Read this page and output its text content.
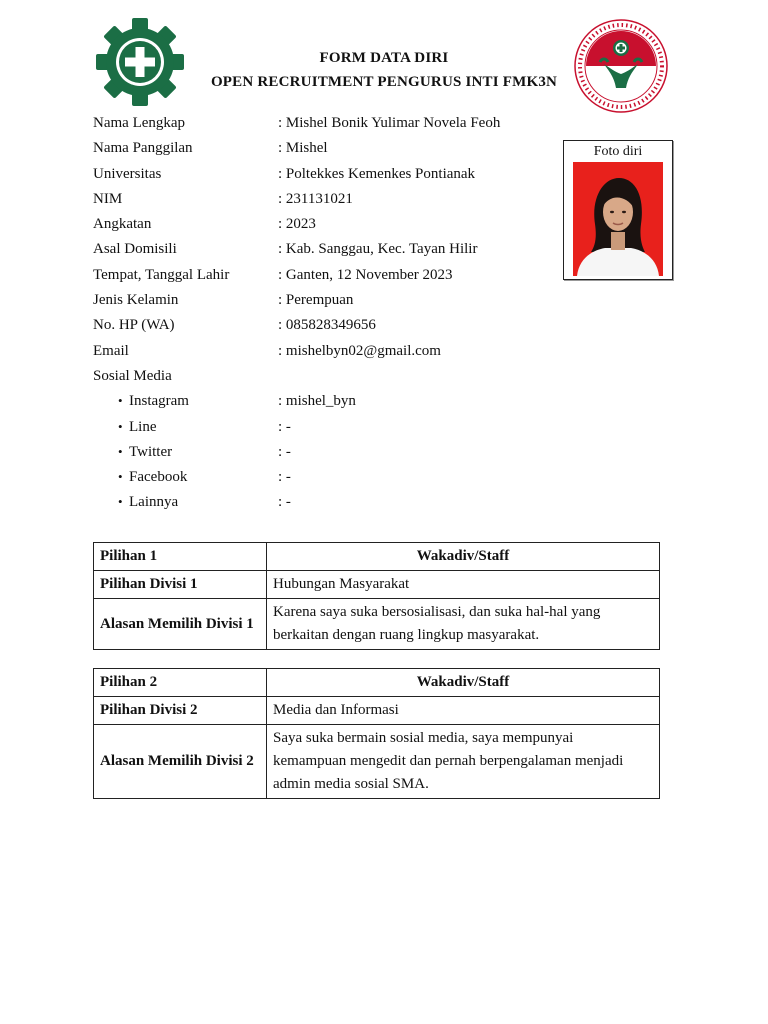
FORM DATA DIRI
OPEN RECRUITMENT PENGURUS INTI FMK3N
Nama Lengkap	: Mishel Bonik Yulimar Novela Feoh
Nama Panggilan	: Mishel
Universitas	: Poltekkes Kemenkes Pontianak
NIM	: 231131021
Angkatan	: 2023
Asal Domisili	: Kab. Sanggau, Kec. Tayan Hilir
Tempat, Tanggal Lahir	: Ganten, 12 November 2023
Jenis Kelamin	: Perempuan
No. HP (WA)	: 085828349656
Email	: mishelbyn02@gmail.com
Sosial Media
• Instagram	: mishel_byn
• Line	: -
• Twitter	: -
• Facebook	: -
• Lainnya	: -
Foto diri
Pilihan 1	Wakadiv/Staff
Pilihan Divisi 1	Hubungan Masyarakat
Alasan Memilih Divisi 1	Karena saya suka bersosialisasi, dan suka hal-hal yang
berkaitan dengan ruang lingkup masyarakat.
Pilihan 2	Wakadiv/Staff
Pilihan Divisi 2	Media dan Informasi
Alasan Memilih Divisi 2	Saya suka bermain sosial media, saya mempunyai
kemampuan mengedit dan pernah berpengalaman menjadi
admin media sosial SMA.
